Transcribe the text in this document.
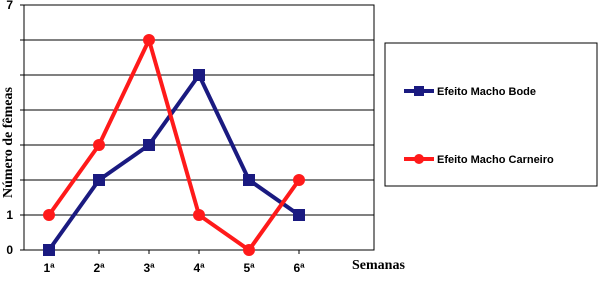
0
1
7
1ª	2ª	3ª	4ª	5ª	6ª
Número de fêmeas
Semanas
Efeito Macho Bode
Efeito Macho Carneiro
